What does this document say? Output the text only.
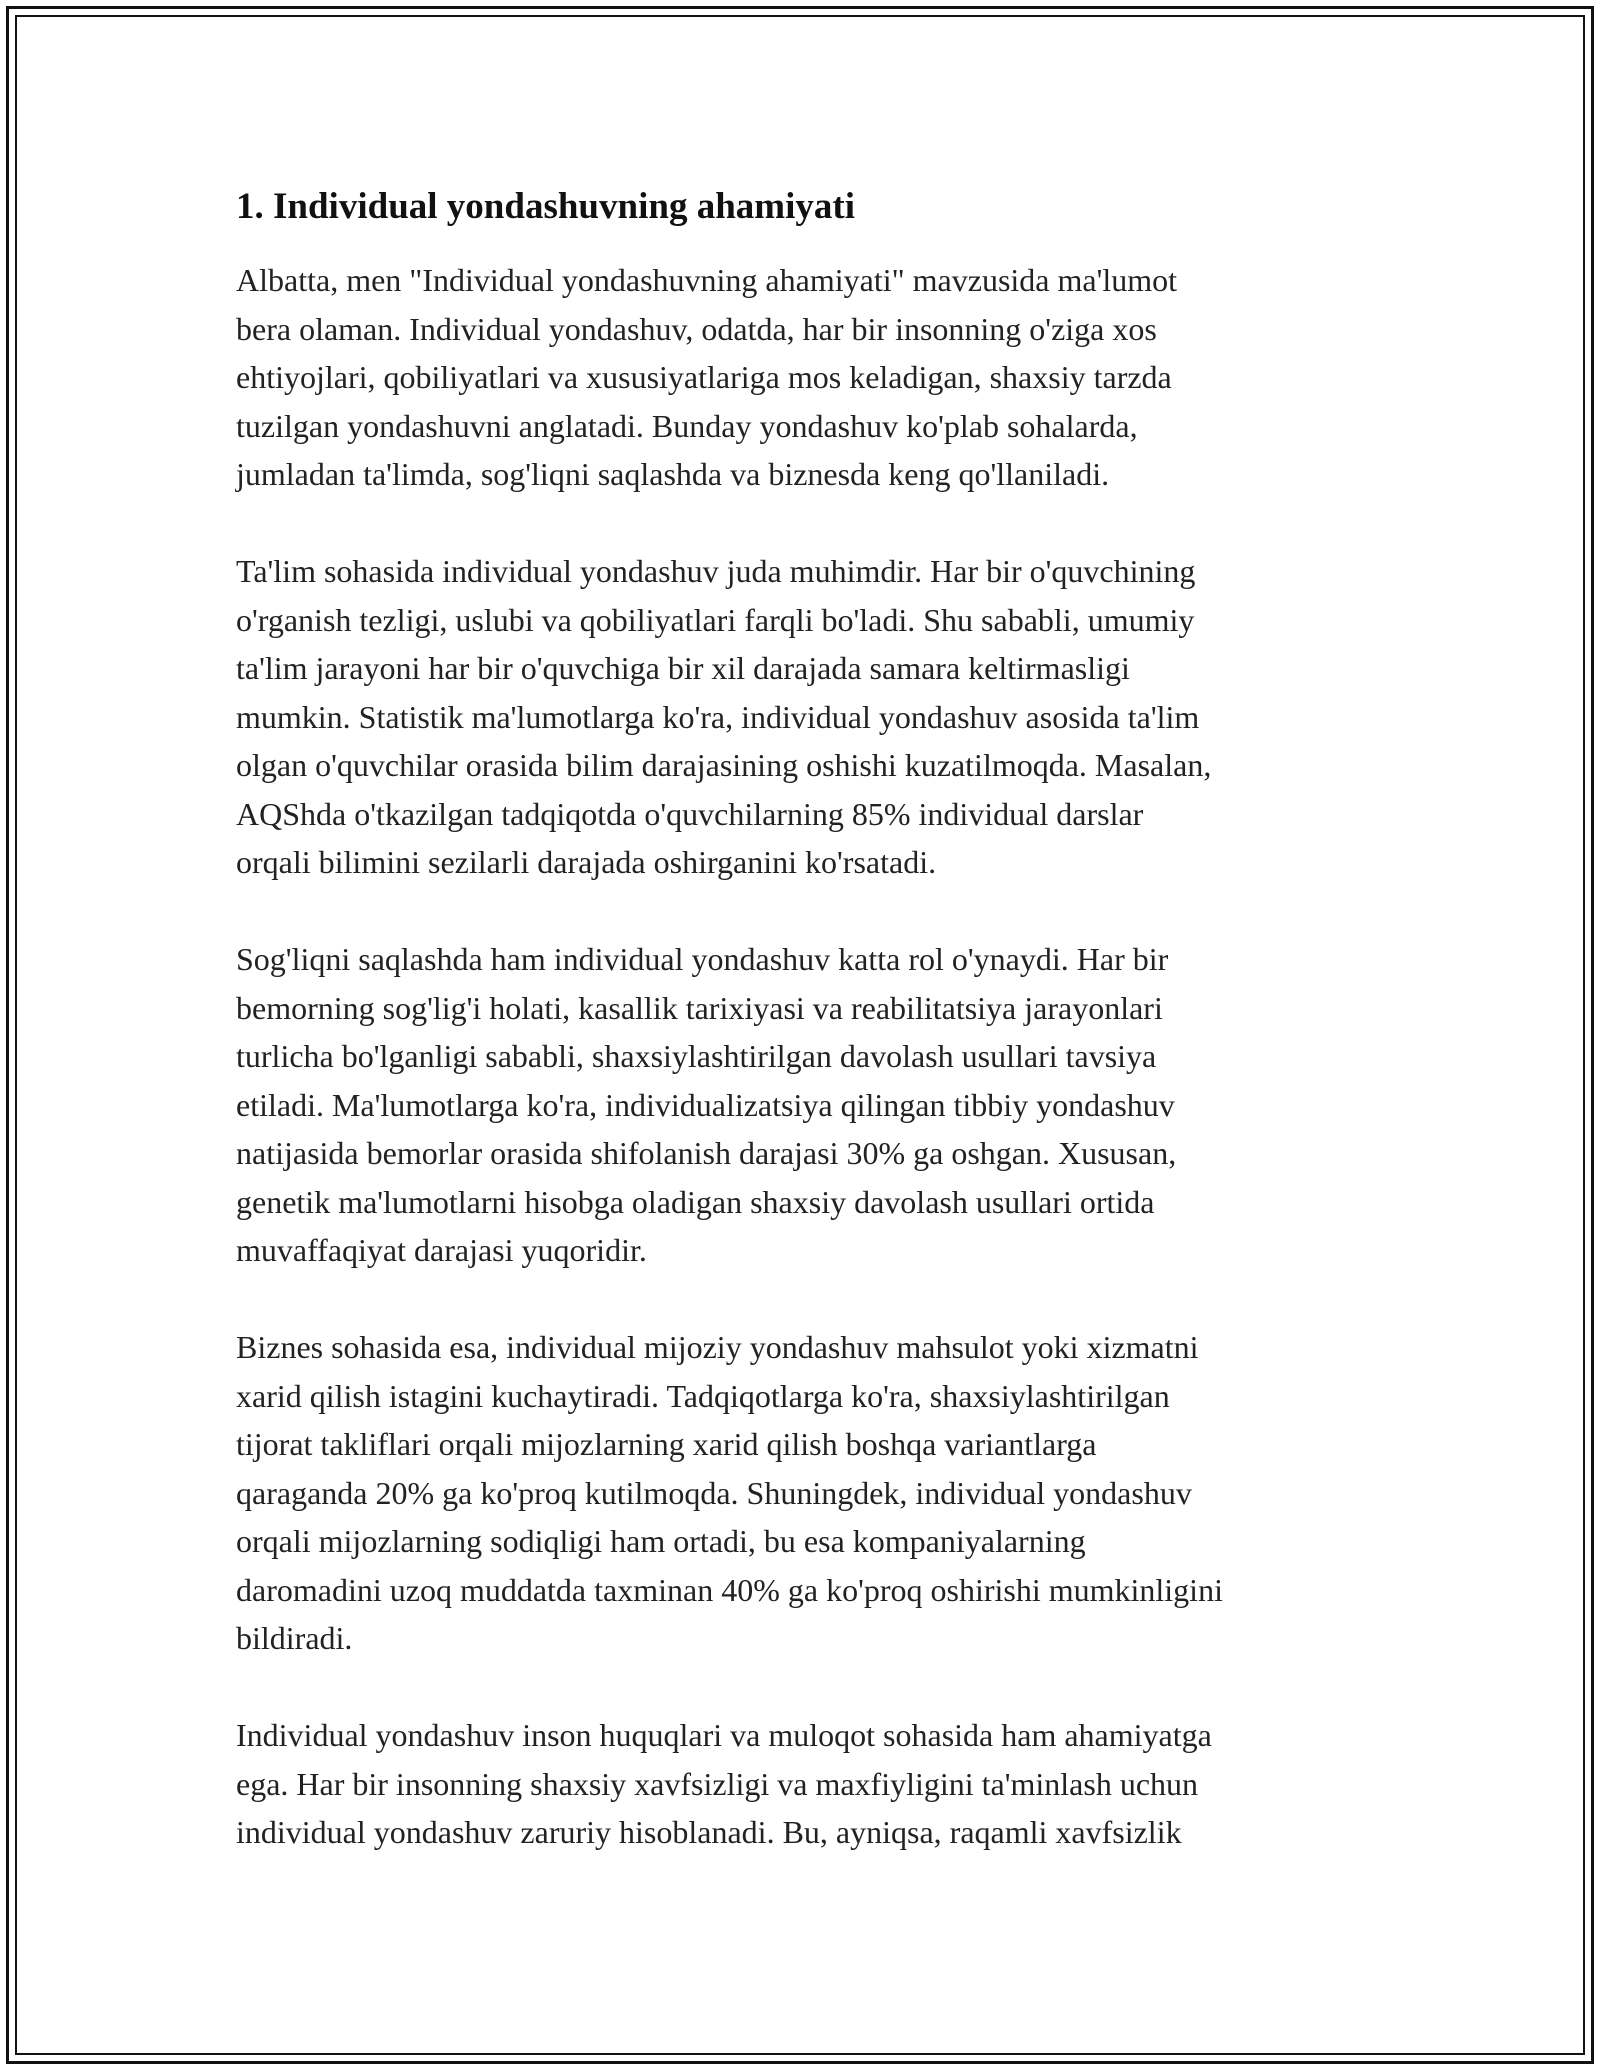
1. Individual yondashuvning ahamiyati

Albatta, men "Individual yondashuvning ahamiyati" mavzusida ma'lumot
bera olaman. Individual yondashuv, odatda, har bir insonning o'ziga xos
ehtiyojlari, qobiliyatlari va xususiyatlariga mos keladigan, shaxsiy tarzda
tuzilgan yondashuvni anglatadi. Bunday yondashuv ko'plab sohalarda,
jumladan ta'limda, sog'liqni saqlashda va biznesda keng qo'llaniladi.

Ta'lim sohasida individual yondashuv juda muhimdir. Har bir o'quvchining
o'rganish tezligi, uslubi va qobiliyatlari farqli bo'ladi. Shu sababli, umumiy
ta'lim jarayoni har bir o'quvchiga bir xil darajada samara keltirmasligi
mumkin. Statistik ma'lumotlarga ko'ra, individual yondashuv asosida ta'lim
olgan o'quvchilar orasida bilim darajasining oshishi kuzatilmoqda. Masalan,
AQShda o'tkazilgan tadqiqotda o'quvchilarning 85% individual darslar
orqali bilimini sezilarli darajada oshirganini ko'rsatadi.

Sog'liqni saqlashda ham individual yondashuv katta rol o'ynaydi. Har bir
bemorning sog'lig'i holati, kasallik tarixiyasi va reabilitatsiya jarayonlari
turlicha bo'lganligi sababli, shaxsiylashtirilgan davolash usullari tavsiya
etiladi. Ma'lumotlarga ko'ra, individualizatsiya qilingan tibbiy yondashuv
natijasida bemorlar orasida shifolanish darajasi 30% ga oshgan. Xususan,
genetik ma'lumotlarni hisobga oladigan shaxsiy davolash usullari ortida
muvaffaqiyat darajasi yuqoridir.

Biznes sohasida esa, individual mijoziy yondashuv mahsulot yoki xizmatni
xarid qilish istagini kuchaytiradi. Tadqiqotlarga ko'ra, shaxsiylashtirilgan
tijorat takliflari orqali mijozlarning xarid qilish boshqa variantlarga
qaraganda 20% ga ko'proq kutilmoqda. Shuningdek, individual yondashuv
orqali mijozlarning sodiqligi ham ortadi, bu esa kompaniyalarning
daromadini uzoq muddatda taxminan 40% ga ko'proq oshirishi mumkinligini
bildiradi.

Individual yondashuv inson huquqlari va muloqot sohasida ham ahamiyatga
ega. Har bir insonning shaxsiy xavfsizligi va maxfiyligini ta'minlash uchun
individual yondashuv zaruriy hisoblanadi. Bu, ayniqsa, raqamli xavfsizlik
